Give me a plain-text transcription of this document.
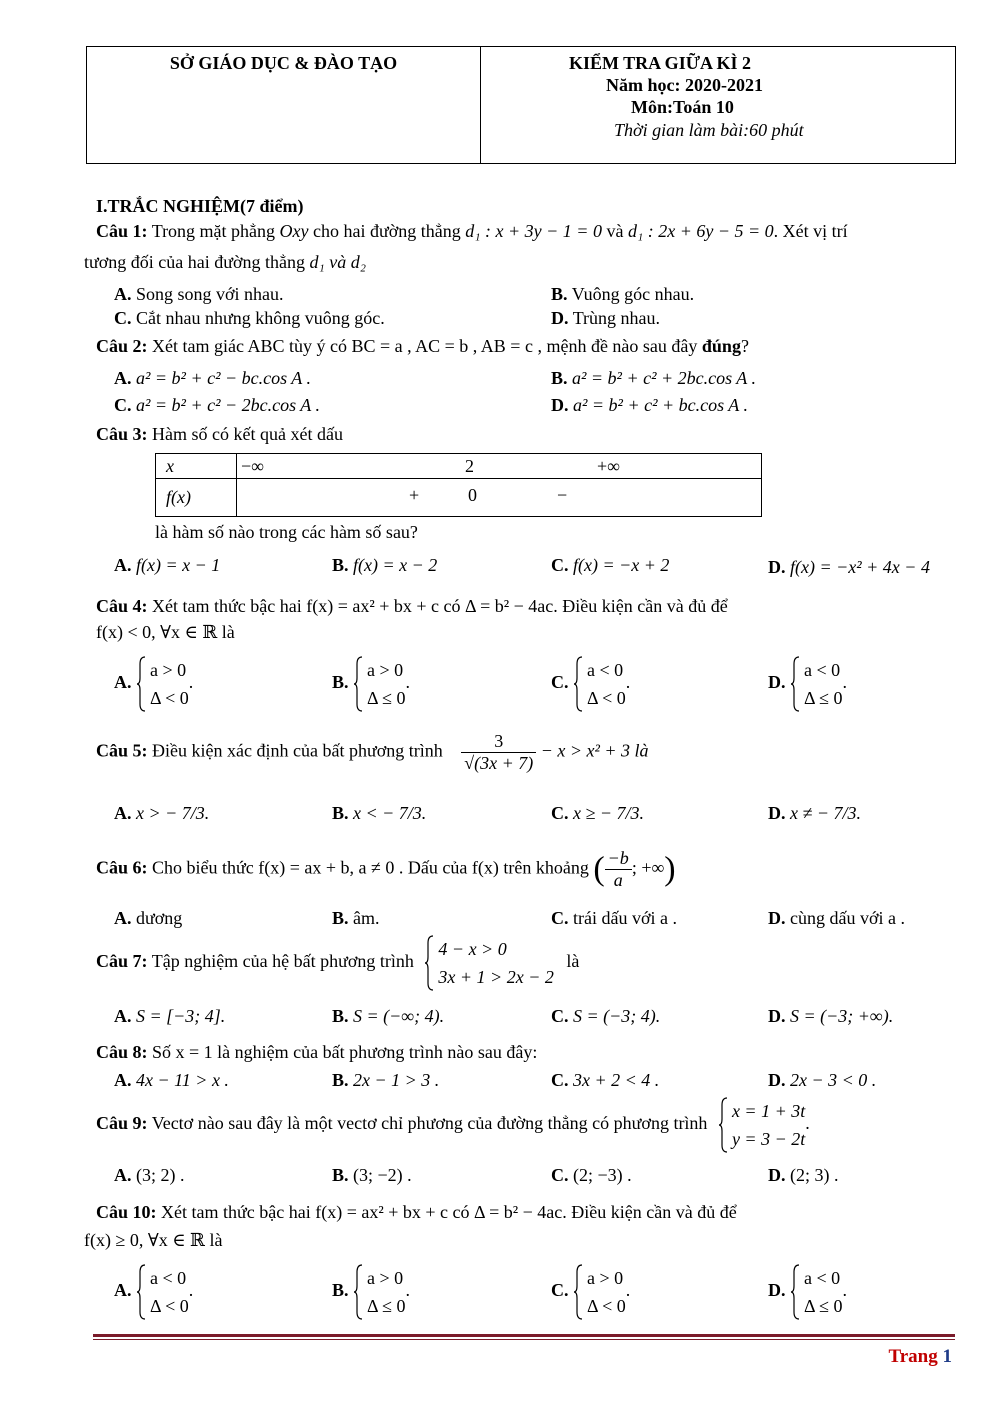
SỞ GIÁO DỤC & ĐÀO TẠO	KIỂM TRA GIỮA KÌ 2
Năm học: 2020-2021
Môn:Toán 10
Thời gian làm bài:60 phút
I.TRẮC NGHIỆM(7 điểm)
Câu 1: Trong mặt phẳng Oxy cho hai đường thẳng d₁ : x + 3y − 1 = 0 và d₁ : 2x + 6y − 5 = 0. Xét vị trí
tương đối của hai đường thẳng d₁ và d₂
A. Song song với nhau.	B. Vuông góc nhau.
C. Cắt nhau nhưng không vuông góc.	D. Trùng nhau.
Câu 2: Xét tam giác ABC tùy ý có BC = a , AC = b , AB = c , mệnh đề nào sau đây đúng?
A. a² = b² + c² − bc.cos A .	B. a² = b² + c² + 2bc.cos A .
C. a² = b² + c² − 2bc.cos A .	D. a² = b² + c² + bc.cos A .
Câu 3: Hàm số có kết quả xét dấu
x	−∞ 2 +∞

f(x)	+ 0 −
là hàm số nào trong các hàm số sau?
A. f(x) = x − 1	B. f(x) = x − 2	C. f(x) = −x + 2	D. f(x) = −x² + 4x − 4
Câu 4: Xét tam thức bậc hai f(x) = ax² + bx + c có Δ = b² − 4ac. Điều kiện cần và đủ để
f(x) < 0, ∀x ∈ ℝ là
A.
a > 0
Δ < 0
.	B.
a > 0
Δ ≤ 0
.	C.
a < 0
Δ < 0
.	D.
a < 0
Δ ≤ 0
.
Câu 5: Điều kiện xác định của bất phương trình $\frac{3}{√(3x + 7)} - x > x^2 + 3$ là
A. x > − 7/3.	B. x < − 7/3.	C. x ≥ − 7/3.	D. x ≠ − 7/3.
Câu 6: Cho biểu thức f(x) = ax + b, a ≠ 0 . Dấu của f(x) trên khoảng ( $\frac{-b}{a}$ ; +∞)
A. dương	B. âm.	C. trái dấu với a .	D. cùng dấu với a .
Câu 7: Tập nghiệm của hệ bất phương trình
4 − x > 0
3x + 1 > 2x − 2
là
A. S = [−3; 4].	B. S = (−∞; 4).	C. S = (−3; 4).	D. S = (−3; +∞).
Câu 8: Số x = 1 là nghiệm của bất phương trình nào sau đây:
A. 4x − 11 > x .	B. 2x − 1 > 3 .	C. 3x + 2 < 4 .	D. 2x − 3 < 0 .
Câu 9: Vectơ nào sau đây là một vectơ chỉ phương của đường thẳng có phương trình
x = 1 + 3t
y = 3 − 2t
.
A. (3; 2) .	B. (3; −2) .	C. (2; −3) .	D. (2; 3) .
Câu 10: Xét tam thức bậc hai f(x) = ax² + bx + c có Δ = b² − 4ac. Điều kiện cần và đủ để
f(x) ≥ 0, ∀x ∈ ℝ là
A.
a < 0
Δ < 0
.	B.
a > 0
Δ ≤ 0
.	C.
a > 0
Δ < 0
.	D.
a < 0
Δ ≤ 0
.
Trang 1
